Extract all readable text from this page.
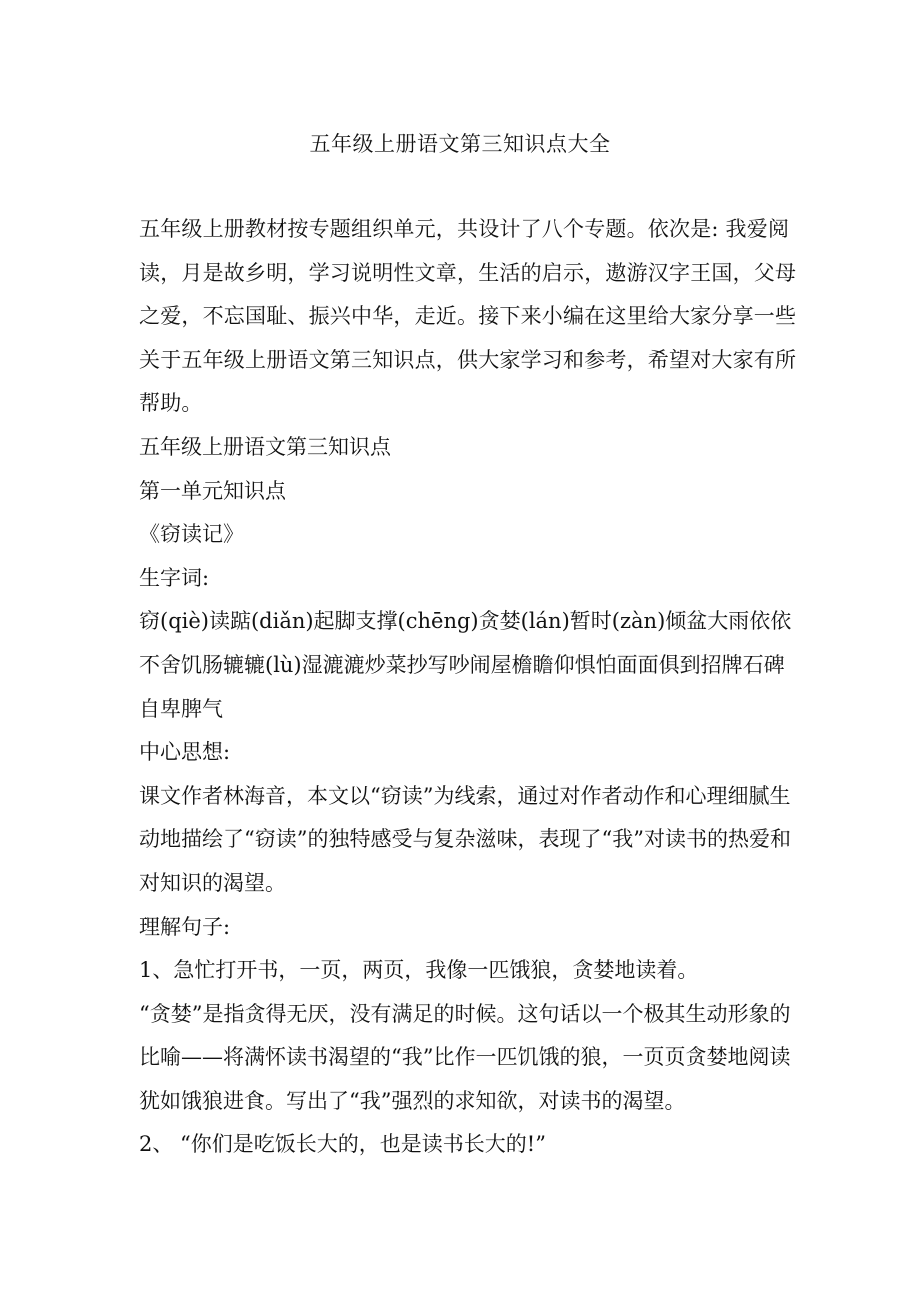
五年级上册语文第三知识点大全

五年级上册教材按专题组织单元，共设计了八个专题。依次是: 我爱阅读，月是故乡明，学习说明性文章，生活的启示，遨游汉字王国，父母之爱，不忘国耻、振兴中华，走近。接下来小编在这里给大家分享一些关于五年级上册语文第三知识点，供大家学习和参考，希望对大家有所帮助。

五年级上册语文第三知识点

第一单元知识点

《窃读记》

生字词:

窃(qiè)读踮(diǎn)起脚支撑(chēng)贪婪(lán)暂时(zàn)倾盆大雨依依不舍饥肠辘辘(lù)湿漉漉炒菜抄写吵闹屋檐瞻仰惧怕面面俱到招牌石碑自卑脾气

中心思想:

课文作者林海音，本文以“窃读”为线索，通过对作者动作和心理细腻生动地描绘了“窃读”的独特感受与复杂滋味，表现了“我”对读书的热爱和对知识的渴望。

理解句子:

1、急忙打开书，一页，两页，我像一匹饿狼，贪婪地读着。

“贪婪”是指贪得无厌，没有满足的时候。这句话以一个极其生动形象的比喻——将满怀读书渴望的“我”比作一匹饥饿的狼，一页页贪婪地阅读犹如饿狼进食。写出了“我”强烈的求知欲，对读书的渴望。

2、 “你们是吃饭长大的，也是读书长大的!”
